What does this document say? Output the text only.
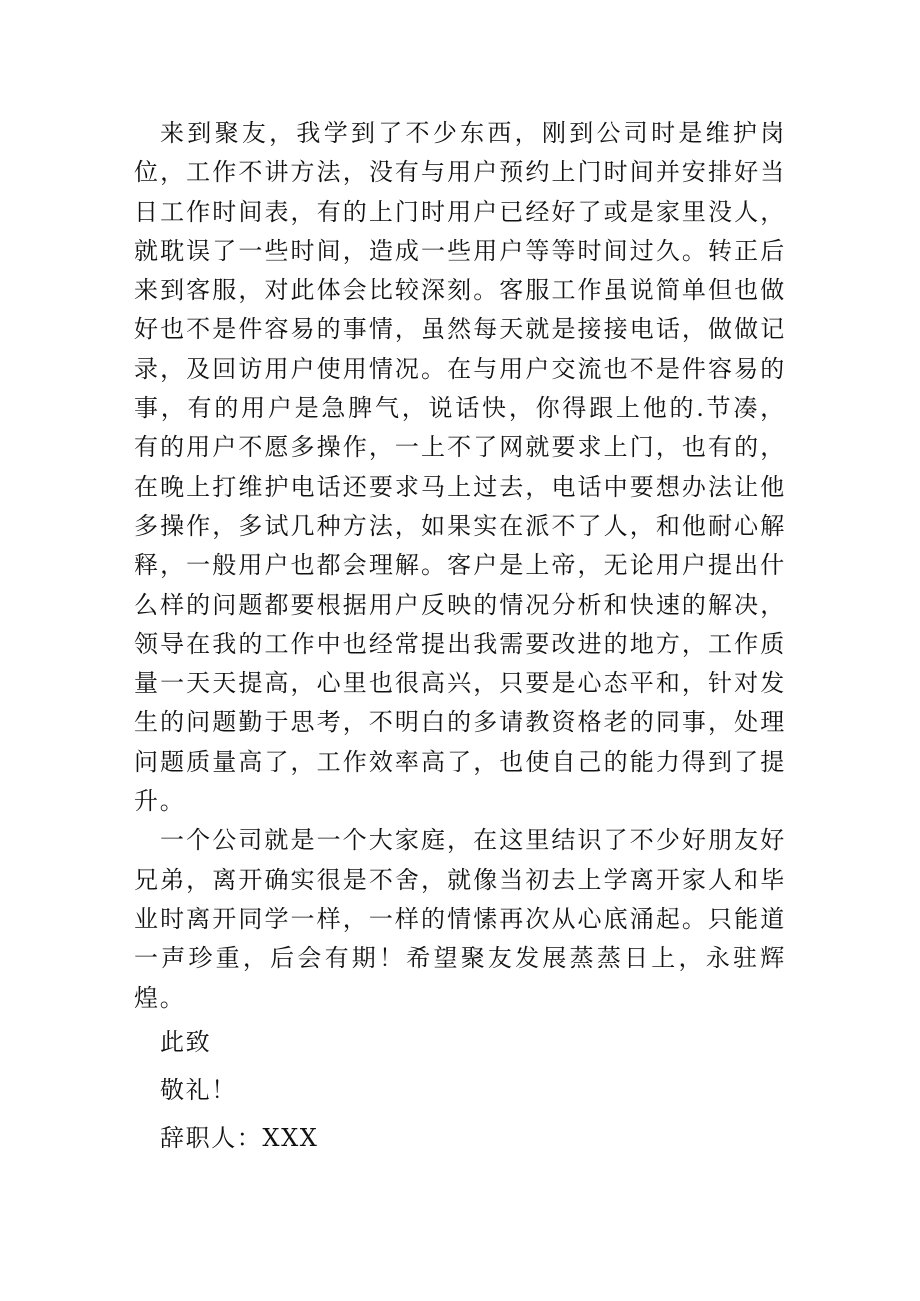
来到聚友，我学到了不少东西，刚到公司时是维护岗位，工作不讲方法，没有与用户预约上门时间并安排好当日工作时间表，有的上门时用户已经好了或是家里没人，就耽误了一些时间，造成一些用户等等时间过久。转正后来到客服，对此体会比较深刻。客服工作虽说简单但也做好也不是件容易的事情，虽然每天就是接接电话，做做记录，及回访用户使用情况。在与用户交流也不是件容易的事，有的用户是急脾气，说话快，你得跟上他的.节凑，有的用户不愿多操作，一上不了网就要求上门，也有的，在晚上打维护电话还要求马上过去，电话中要想办法让他多操作，多试几种方法，如果实在派不了人，和他耐心解释，一般用户也都会理解。客户是上帝，无论用户提出什么样的问题都要根据用户反映的情况分析和快速的解决，领导在我的工作中也经常提出我需要改进的地方，工作质量一天天提高，心里也很高兴，只要是心态平和，针对发生的问题勤于思考，不明白的多请教资格老的同事，处理问题质量高了，工作效率高了，也使自己的能力得到了提升。

一个公司就是一个大家庭，在这里结识了不少好朋友好兄弟，离开确实很是不舍，就像当初去上学离开家人和毕业时离开同学一样，一样的情愫再次从心底涌起。只能道一声珍重，后会有期！希望聚友发展蒸蒸日上，永驻辉煌。

此致

敬礼！

辞职人：XXX
